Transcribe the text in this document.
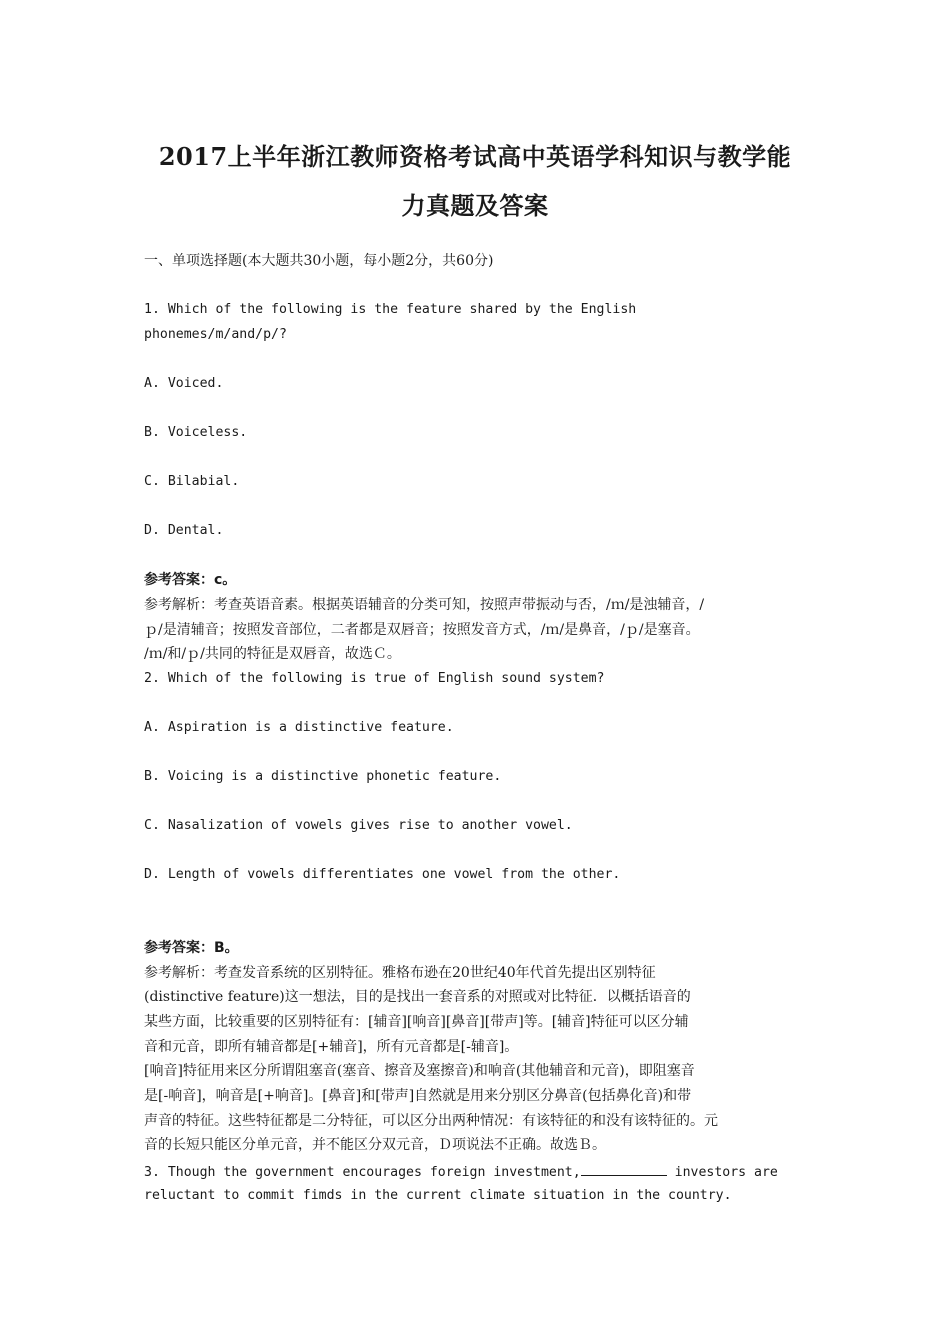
2017上半年浙江教师资格考试高中英语学科知识与教学能
力真题及答案
一、单项选择题(本大题共30小题，每小题2分，共60分)
1. Which of the following is the feature shared by the English
phonemes/m/and/p/?
A. Voiced.
B. Voiceless.
C. Bilabial.
D. Dental.
参考答案：c。
参考解析：考查英语音素。根据英语辅音的分类可知，按照声带振动与否，/ｍ/是浊辅音，/
ｐ/是清辅音；按照发音部位，二者都是双唇音；按照发音方式，/ｍ/是鼻音，/ｐ/是塞音。
/ｍ/和/ｐ/共同的特征是双唇音，故选Ｃ。
2. Which of the following is true of English sound system?
A. Aspiration is a distinctive feature.
B. Voicing is a distinctive phonetic feature.
C. Nasalization of vowels gives rise to another vowel.
D. Length of vowels differentiates one vowel from the other.
参考答案：B。
参考解析：考查发音系统的区别特征。雅格布逊在20世纪40年代首先提出区别特征
(distinctive feature)这一想法，目的是找出一套音系的对照或对比特征．以概括语音的
某些方面，比较重要的区别特征有：[辅音][响音][鼻音][带声]等。[辅音]特征可以区分辅
音和元音，即所有辅音都是[+辅音]，所有元音都是[-辅音]。
[响音]特征用来区分所谓阻塞音(塞音、擦音及塞擦音)和响音(其他辅音和元音)，即阻塞音
是[-响音]，响音是[+响音]。[鼻音]和[带声]自然就是用来分别区分鼻音(包括鼻化音)和带
声音的特征。这些特征都是二分特征，可以区分出两种情况：有该特征的和没有该特征的。元
音的长短只能区分单元音，并不能区分双元音，Ｄ项说法不正确。故选Ｂ。
3. Though the government encourages foreign investment,	investors are
reluctant to commit fimds in the current climate situation in the country.
